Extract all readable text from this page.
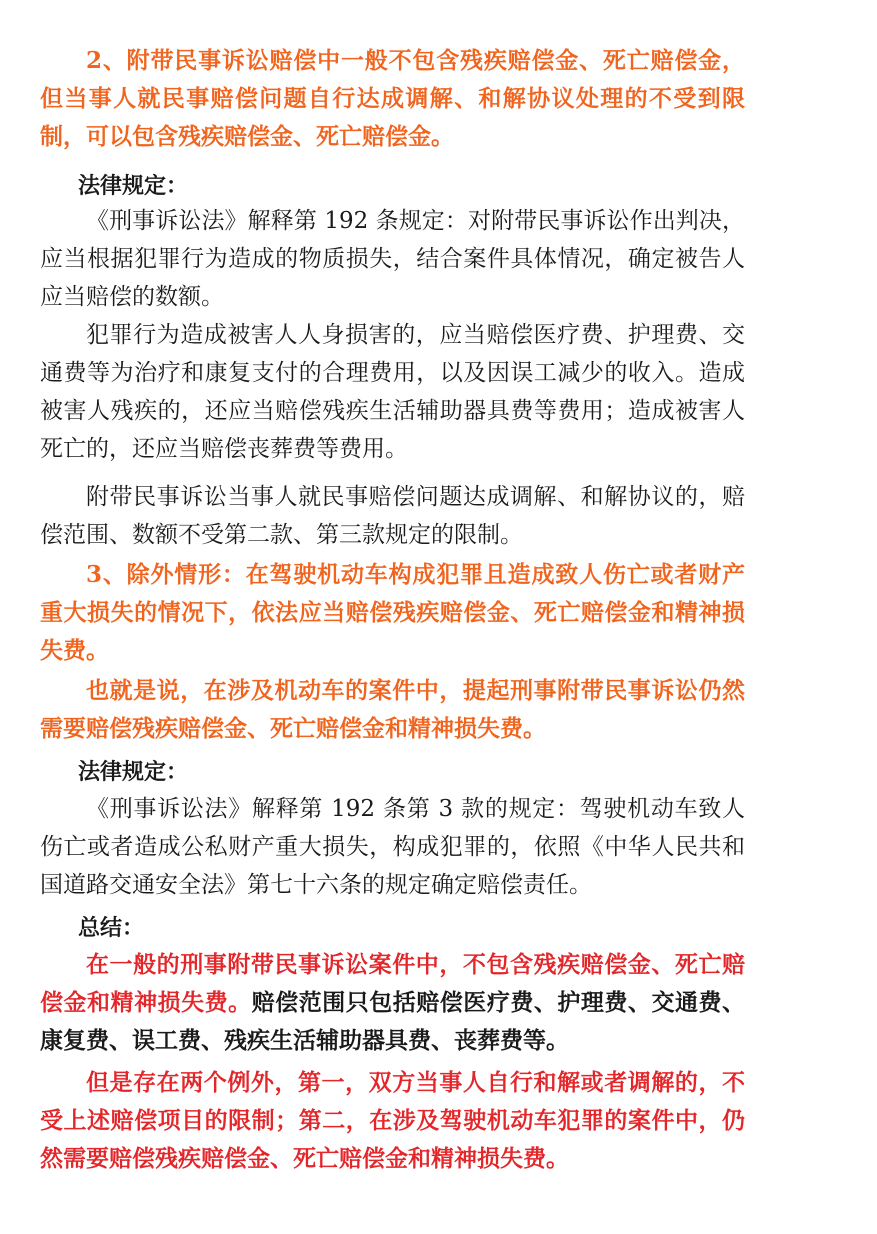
2、附带民事诉讼赔偿中一般不包含残疾赔偿金、死亡赔偿金，但当事人就民事赔偿问题自行达成调解、和解协议处理的不受到限制，可以包含残疾赔偿金、死亡赔偿金。

法律规定：

《刑事诉讼法》解释第 192 条规定：对附带民事诉讼作出判决，应当根据犯罪行为造成的物质损失，结合案件具体情况，确定被告人应当赔偿的数额。

犯罪行为造成被害人人身损害的，应当赔偿医疗费、护理费、交通费等为治疗和康复支付的合理费用，以及因误工减少的收入。造成被害人残疾的，还应当赔偿残疾生活辅助器具费等费用；造成被害人死亡的，还应当赔偿丧葬费等费用。

附带民事诉讼当事人就民事赔偿问题达成调解、和解协议的，赔偿范围、数额不受第二款、第三款规定的限制。

3、除外情形：在驾驶机动车构成犯罪且造成致人伤亡或者财产重大损失的情况下，依法应当赔偿残疾赔偿金、死亡赔偿金和精神损失费。

也就是说，在涉及机动车的案件中，提起刑事附带民事诉讼仍然需要赔偿残疾赔偿金、死亡赔偿金和精神损失费。

法律规定：

《刑事诉讼法》解释第 192 条第 3 款的规定：驾驶机动车致人伤亡或者造成公私财产重大损失，构成犯罪的，依照《中华人民共和国道路交通安全法》第七十六条的规定确定赔偿责任。

总结：

在一般的刑事附带民事诉讼案件中，不包含残疾赔偿金、死亡赔偿金和精神损失费。赔偿范围只包括赔偿医疗费、护理费、交通费、康复费、误工费、残疾生活辅助器具费、丧葬费等。

但是存在两个例外，第一，双方当事人自行和解或者调解的，不受上述赔偿项目的限制；第二，在涉及驾驶机动车犯罪的案件中，仍然需要赔偿残疾赔偿金、死亡赔偿金和精神损失费。
